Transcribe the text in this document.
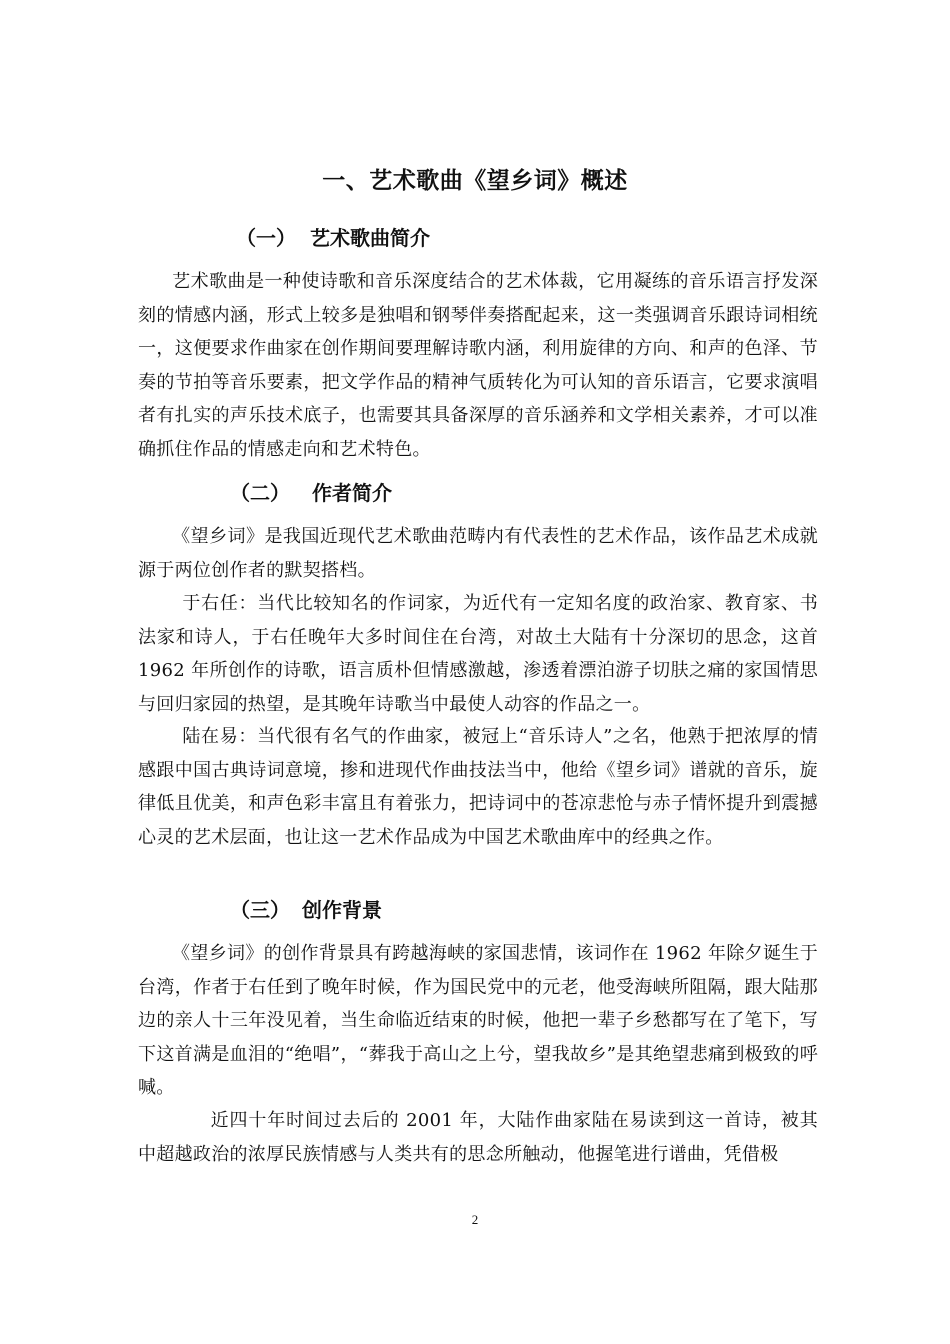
一、艺术歌曲《望乡词》概述
（一） 艺术歌曲简介

艺术歌曲是一种使诗歌和音乐深度结合的艺术体裁，它用凝练的音乐语言抒发深刻的情感内涵，形式上较多是独唱和钢琴伴奏搭配起来，这一类强调音乐跟诗词相统一，这便要求作曲家在创作期间要理解诗歌内涵，利用旋律的方向、和声的色泽、节奏的节拍等音乐要素，把文学作品的精神气质转化为可认知的音乐语言，它要求演唱者有扎实的声乐技术底子，也需要其具备深厚的音乐涵养和文学相关素养，才可以准确抓住作品的情感走向和艺术特色。

（二） 作者简介

《望乡词》是我国近现代艺术歌曲范畴内有代表性的艺术作品，该作品艺术成就源于两位创作者的默契搭档。

于右任：当代比较知名的作词家，为近代有一定知名度的政治家、教育家、书法家和诗人，于右任晚年大多时间住在台湾，对故土大陆有十分深切的思念，这首 1962 年所创作的诗歌，语言质朴但情感激越，渗透着漂泊游子切肤之痛的家国情思与回归家园的热望，是其晚年诗歌当中最使人动容的作品之一。

陆在易：当代很有名气的作曲家，被冠上“音乐诗人”之名，他熟于把浓厚的情感跟中国古典诗词意境，掺和进现代作曲技法当中，他给《望乡词》谱就的音乐，旋律低且优美，和声色彩丰富且有着张力，把诗词中的苍凉悲怆与赤子情怀提升到震撼心灵的艺术层面，也让这一艺术作品成为中国艺术歌曲库中的经典之作。

（三） 创作背景

《望乡词》的创作背景具有跨越海峡的家国悲情，该词作在 1962 年除夕诞生于台湾，作者于右任到了晚年时候，作为国民党中的元老，他受海峡所阻隔，跟大陆那边的亲人十三年没见着，当生命临近结束的时候，他把一辈子乡愁都写在了笔下，写下这首满是血泪的“绝唱”，“葬我于高山之上兮，望我故乡”是其绝望悲痛到极致的呼喊。

近四十年时间过去后的 2001 年，大陆作曲家陆在易读到这一首诗，被其中超越政治的浓厚民族情感与人类共有的思念所触动，他握笔进行谱曲，凭借极

2
